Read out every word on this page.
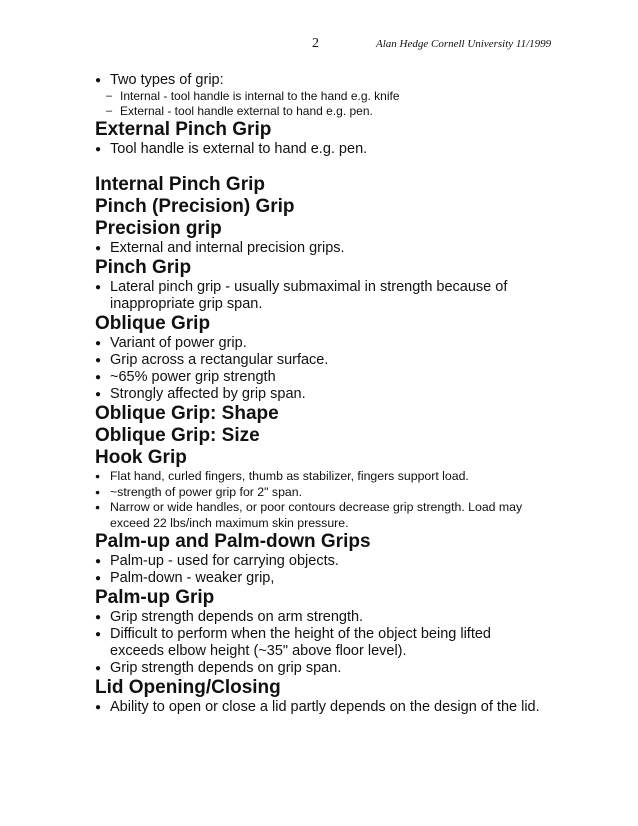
2	Alan Hedge Cornell University 11/1999
● Two types of grip:
– Internal - tool handle is internal to the hand e.g. knife
– External - tool handle external to hand e.g. pen.
External Pinch Grip
● Tool handle is external to hand e.g. pen.
Internal Pinch Grip
Pinch (Precision) Grip
Precision grip
● External and internal precision grips.
Pinch Grip
● Lateral pinch grip - usually submaximal in strength because of inappropriate grip span.
Oblique Grip
● Variant of power grip.
● Grip across a rectangular surface.
● ~65% power grip strength
● Strongly affected by grip span.
Oblique Grip: Shape
Oblique Grip: Size
Hook Grip
● Flat hand, curled fingers, thumb as stabilizer, fingers support load.
● ~strength of power grip for 2" span.
● Narrow or wide handles, or poor contours decrease grip strength. Load may exceed 22 lbs/inch maximum skin pressure.
Palm-up and Palm-down Grips
● Palm-up - used for carrying objects.
● Palm-down - weaker grip,
Palm-up Grip
● Grip strength depends on arm strength.
● Difficult to perform when the height of the object being lifted exceeds elbow height (~35" above floor level).
● Grip strength depends on grip span.
Lid Opening/Closing
● Ability to open or close a lid partly depends on the design of the lid.
